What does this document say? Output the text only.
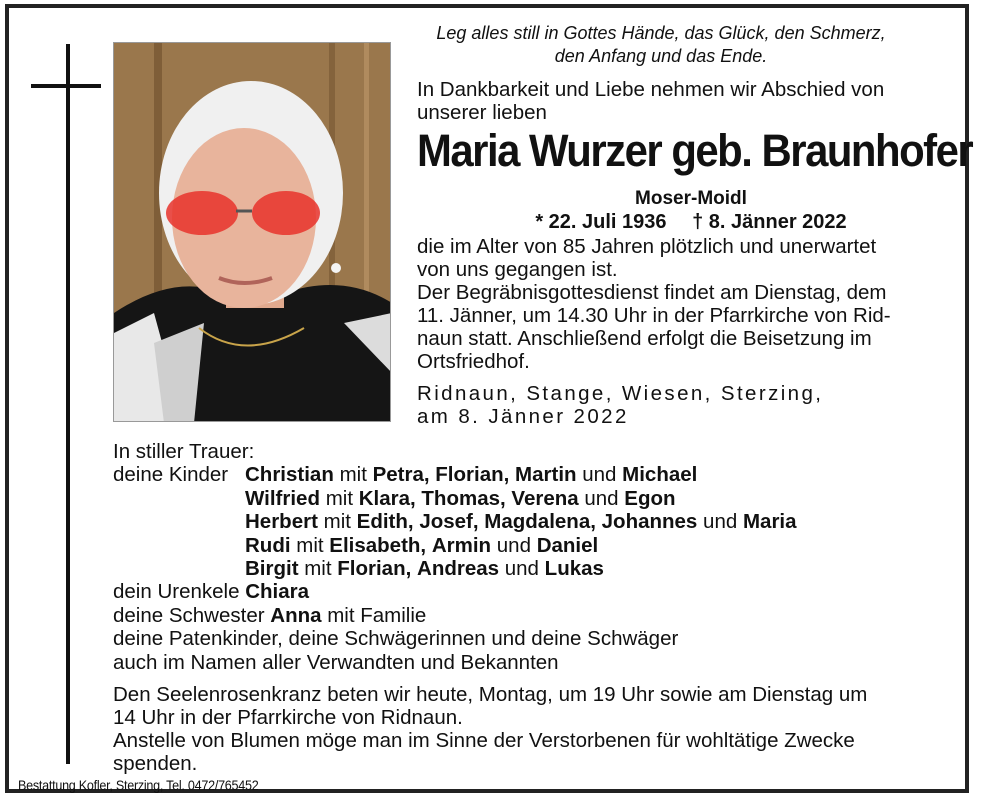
Leg alles still in Gottes Hände, das Glück, den Schmerz,
den Anfang und das Ende.
In Dankbarkeit und Liebe nehmen wir Abschied von
unserer lieben
Maria Wurzer geb. Braunhofer
Moser-Moidl
* 22. Juli 1936 † 8. Jänner 2022
die im Alter von 85 Jahren plötzlich und unerwartet
von uns gegangen ist.
Der Begräbnisgottesdienst findet am Dienstag, dem
11. Jänner, um 14.30 Uhr in der Pfarrkirche von Rid-
naun statt. Anschließend erfolgt die Beisetzung im
Ortsfriedhof.
Ridnaun, Stange, Wiesen, Sterzing,
am 8. Jänner 2022
In stiller Trauer:
deine Kinder Christian mit Petra, Florian, Martin und Michael
Wilfried mit Klara, Thomas, Verena und Egon
Herbert mit Edith, Josef, Magdalena, Johannes und Maria
Rudi mit Elisabeth, Armin und Daniel
Birgit mit Florian, Andreas und Lukas
dein Urenkele Chiara
deine Schwester Anna mit Familie
deine Patenkinder, deine Schwägerinnen und deine Schwäger
auch im Namen aller Verwandten und Bekannten
Den Seelenrosenkranz beten wir heute, Montag, um 19 Uhr sowie am Dienstag um
14 Uhr in der Pfarrkirche von Ridnaun.
Anstelle von Blumen möge man im Sinne der Verstorbenen für wohltätige Zwecke
spenden.
Bestattung Kofler, Sterzing, Tel. 0472/765452
